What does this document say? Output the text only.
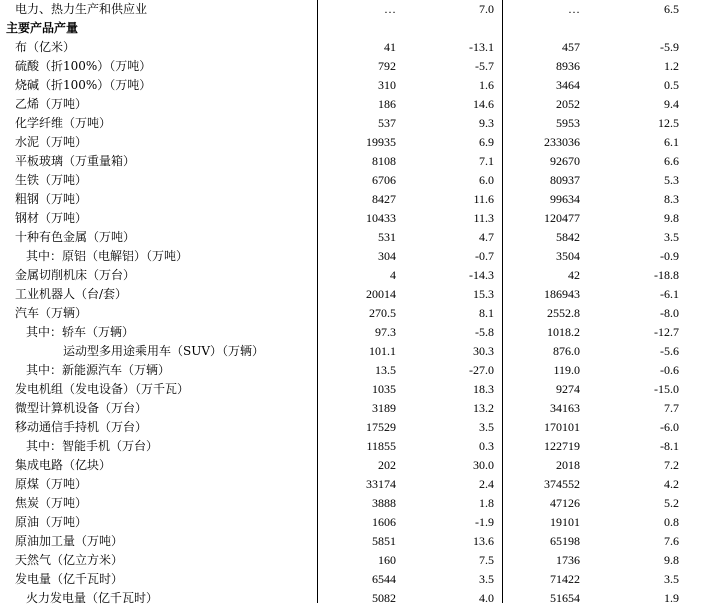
电力、热力生产和供应业	…	7.0	…	6.5
主要产品产量
布（亿米）	41	-13.1	457	-5.9
硫酸（折100%）（万吨）	792	-5.7	8936	1.2
烧碱（折100%）（万吨）	310	1.6	3464	0.5
乙烯（万吨）	186	14.6	2052	9.4
化学纤维（万吨）	537	9.3	5953	12.5
水泥（万吨）	19935	6.9	233036	6.1
平板玻璃（万重量箱）	8108	7.1	92670	6.6
生铁（万吨）	6706	6.0	80937	5.3
粗钢（万吨）	8427	11.6	99634	8.3
钢材（万吨）	10433	11.3	120477	9.8
十种有色金属（万吨）	531	4.7	5842	3.5
其中：原铝（电解铝）（万吨）	304	-0.7	3504	-0.9
金属切削机床（万台）	4	-14.3	42	-18.8
工业机器人（台/套）	20014	15.3	186943	-6.1
汽车（万辆）	270.5	8.1	2552.8	-8.0
其中：轿车（万辆）	97.3	-5.8	1018.2	-12.7
运动型多用途乘用车（SUV）（万辆）	101.1	30.3	876.0	-5.6
其中：新能源汽车（万辆）	13.5	-27.0	119.0	-0.6
发电机组（发电设备）（万千瓦）	1035	18.3	9274	-15.0
微型计算机设备（万台）	3189	13.2	34163	7.7
移动通信手持机（万台）	17529	3.5	170101	-6.0
其中：智能手机（万台）	11855	0.3	122719	-8.1
集成电路（亿块）	202	30.0	2018	7.2
原煤（万吨）	33174	2.4	374552	4.2
焦炭（万吨）	3888	1.8	47126	5.2
原油（万吨）	1606	-1.9	19101	0.8
原油加工量（万吨）	5851	13.6	65198	7.6
天然气（亿立方米）	160	7.5	1736	9.8
发电量（亿千瓦时）	6544	3.5	71422	3.5
火力发电量（亿千瓦时）	5082	4.0	51654	1.9
